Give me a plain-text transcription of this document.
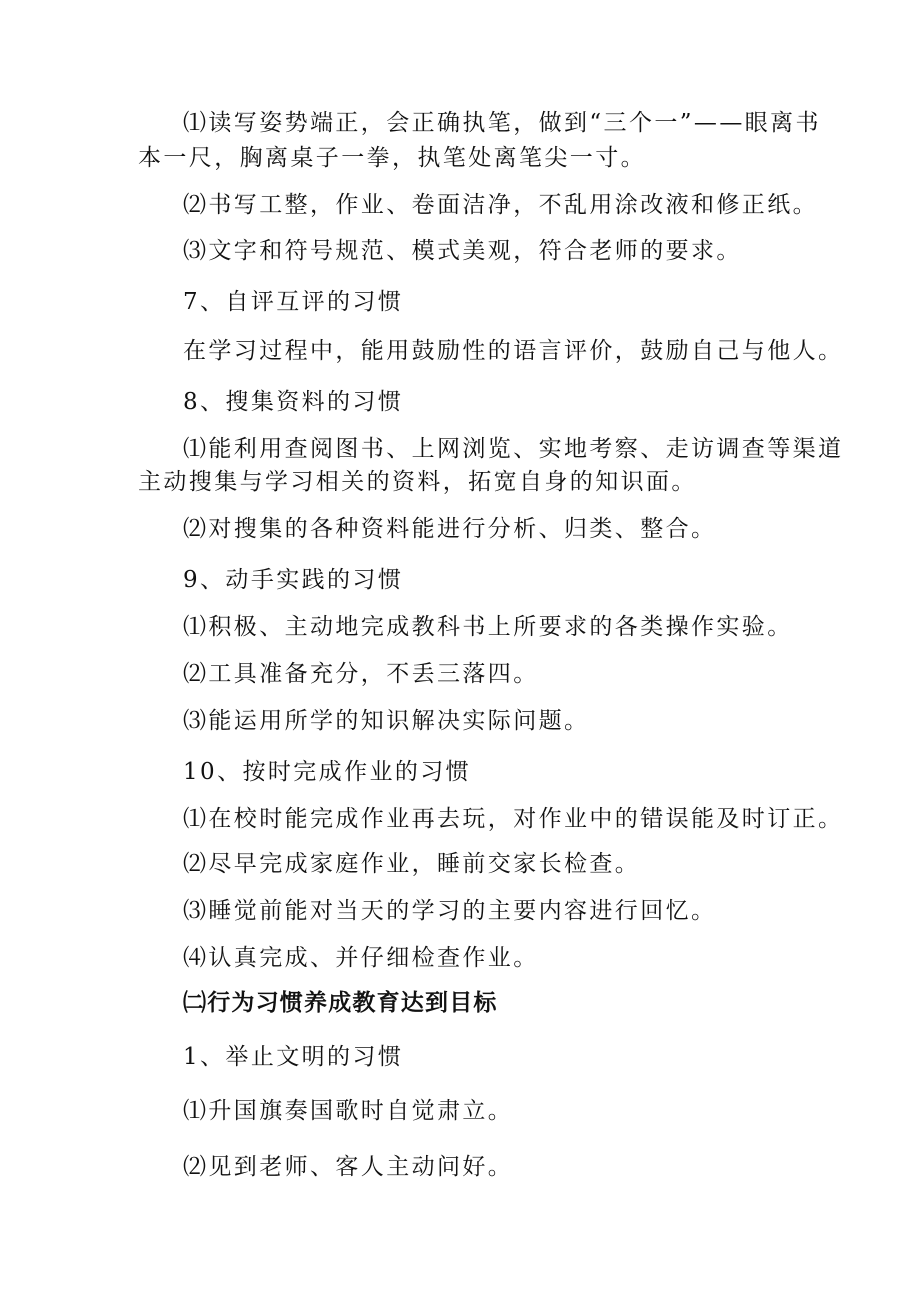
⑴读写姿势端正，会正确执笔，做到“三个一”——眼离书
本一尺，胸离桌子一拳，执笔处离笔尖一寸。
⑵书写工整，作业、卷面洁净，不乱用涂改液和修正纸。
⑶文字和符号规范、模式美观，符合老师的要求。
7、自评互评的习惯
在学习过程中，能用鼓励性的语言评价，鼓励自己与他人。
8、搜集资料的习惯
⑴能利用查阅图书、上网浏览、实地考察、走访调查等渠道
主动搜集与学习相关的资料，拓宽自身的知识面。
⑵对搜集的各种资料能进行分析、归类、整合。
9、动手实践的习惯
⑴积极、主动地完成教科书上所要求的各类操作实验。
⑵工具准备充分，不丢三落四。
⑶能运用所学的知识解决实际问题。
10、按时完成作业的习惯
⑴在校时能完成作业再去玩，对作业中的错误能及时订正。
⑵尽早完成家庭作业，睡前交家长检查。
⑶睡觉前能对当天的学习的主要内容进行回忆。
⑷认真完成、并仔细检查作业。
㈡行为习惯养成教育达到目标
1、举止文明的习惯
⑴升国旗奏国歌时自觉肃立。
⑵见到老师、客人主动问好。
